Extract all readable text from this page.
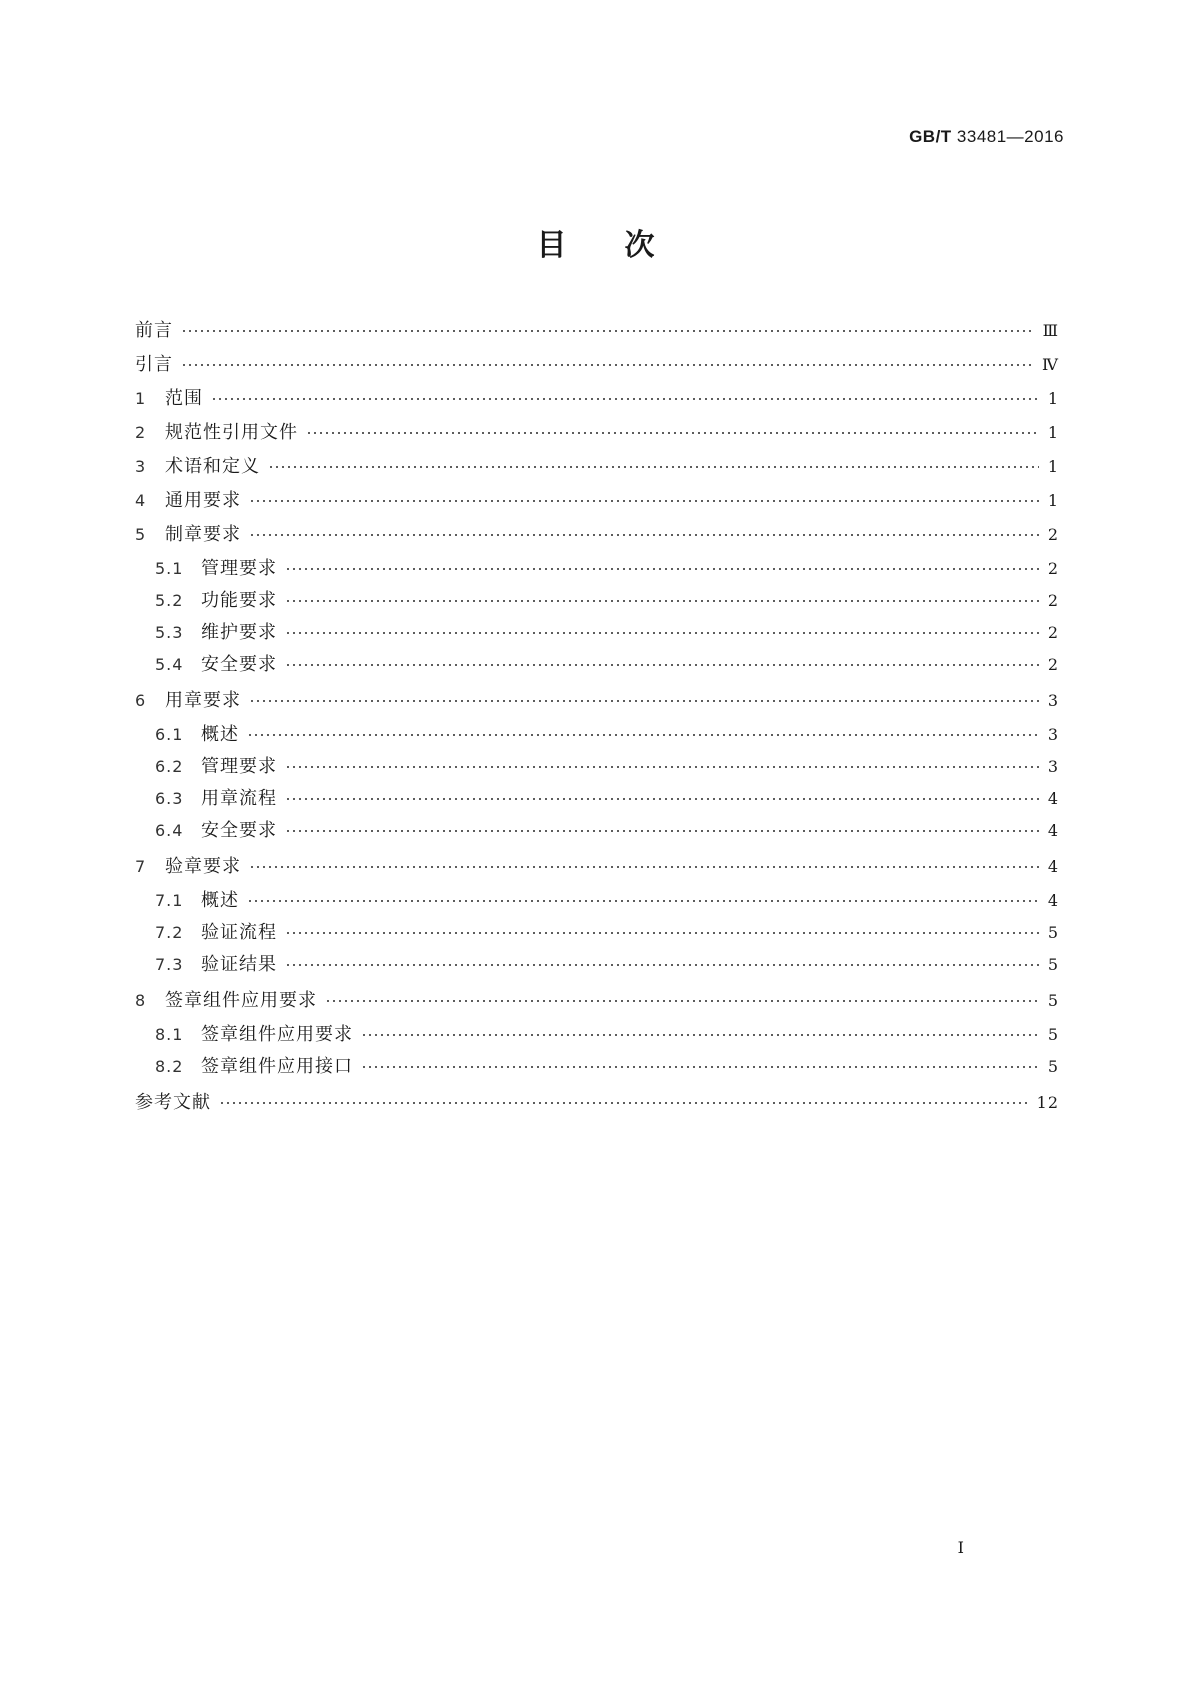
GB/T 33481—2016
目次
前言	Ⅲ
引言	Ⅳ
1	范围	1
2	规范性引用文件	1
3	术语和定义	1
4	通用要求	1
5	制章要求	2
5.1 管理要求	2
5.2 功能要求	2
5.3 维护要求	2
5.4 安全要求	2
6	用章要求	3
6.1 概述	3
6.2 管理要求	3
6.3 用章流程	4
6.4 安全要求	4
7	验章要求	4
7.1 概述	4
7.2 验证流程	5
7.3 验证结果	5
8	签章组件应用要求	5
8.1 签章组件应用要求	5
8.2 签章组件应用接口	5
参考文献	12
I
